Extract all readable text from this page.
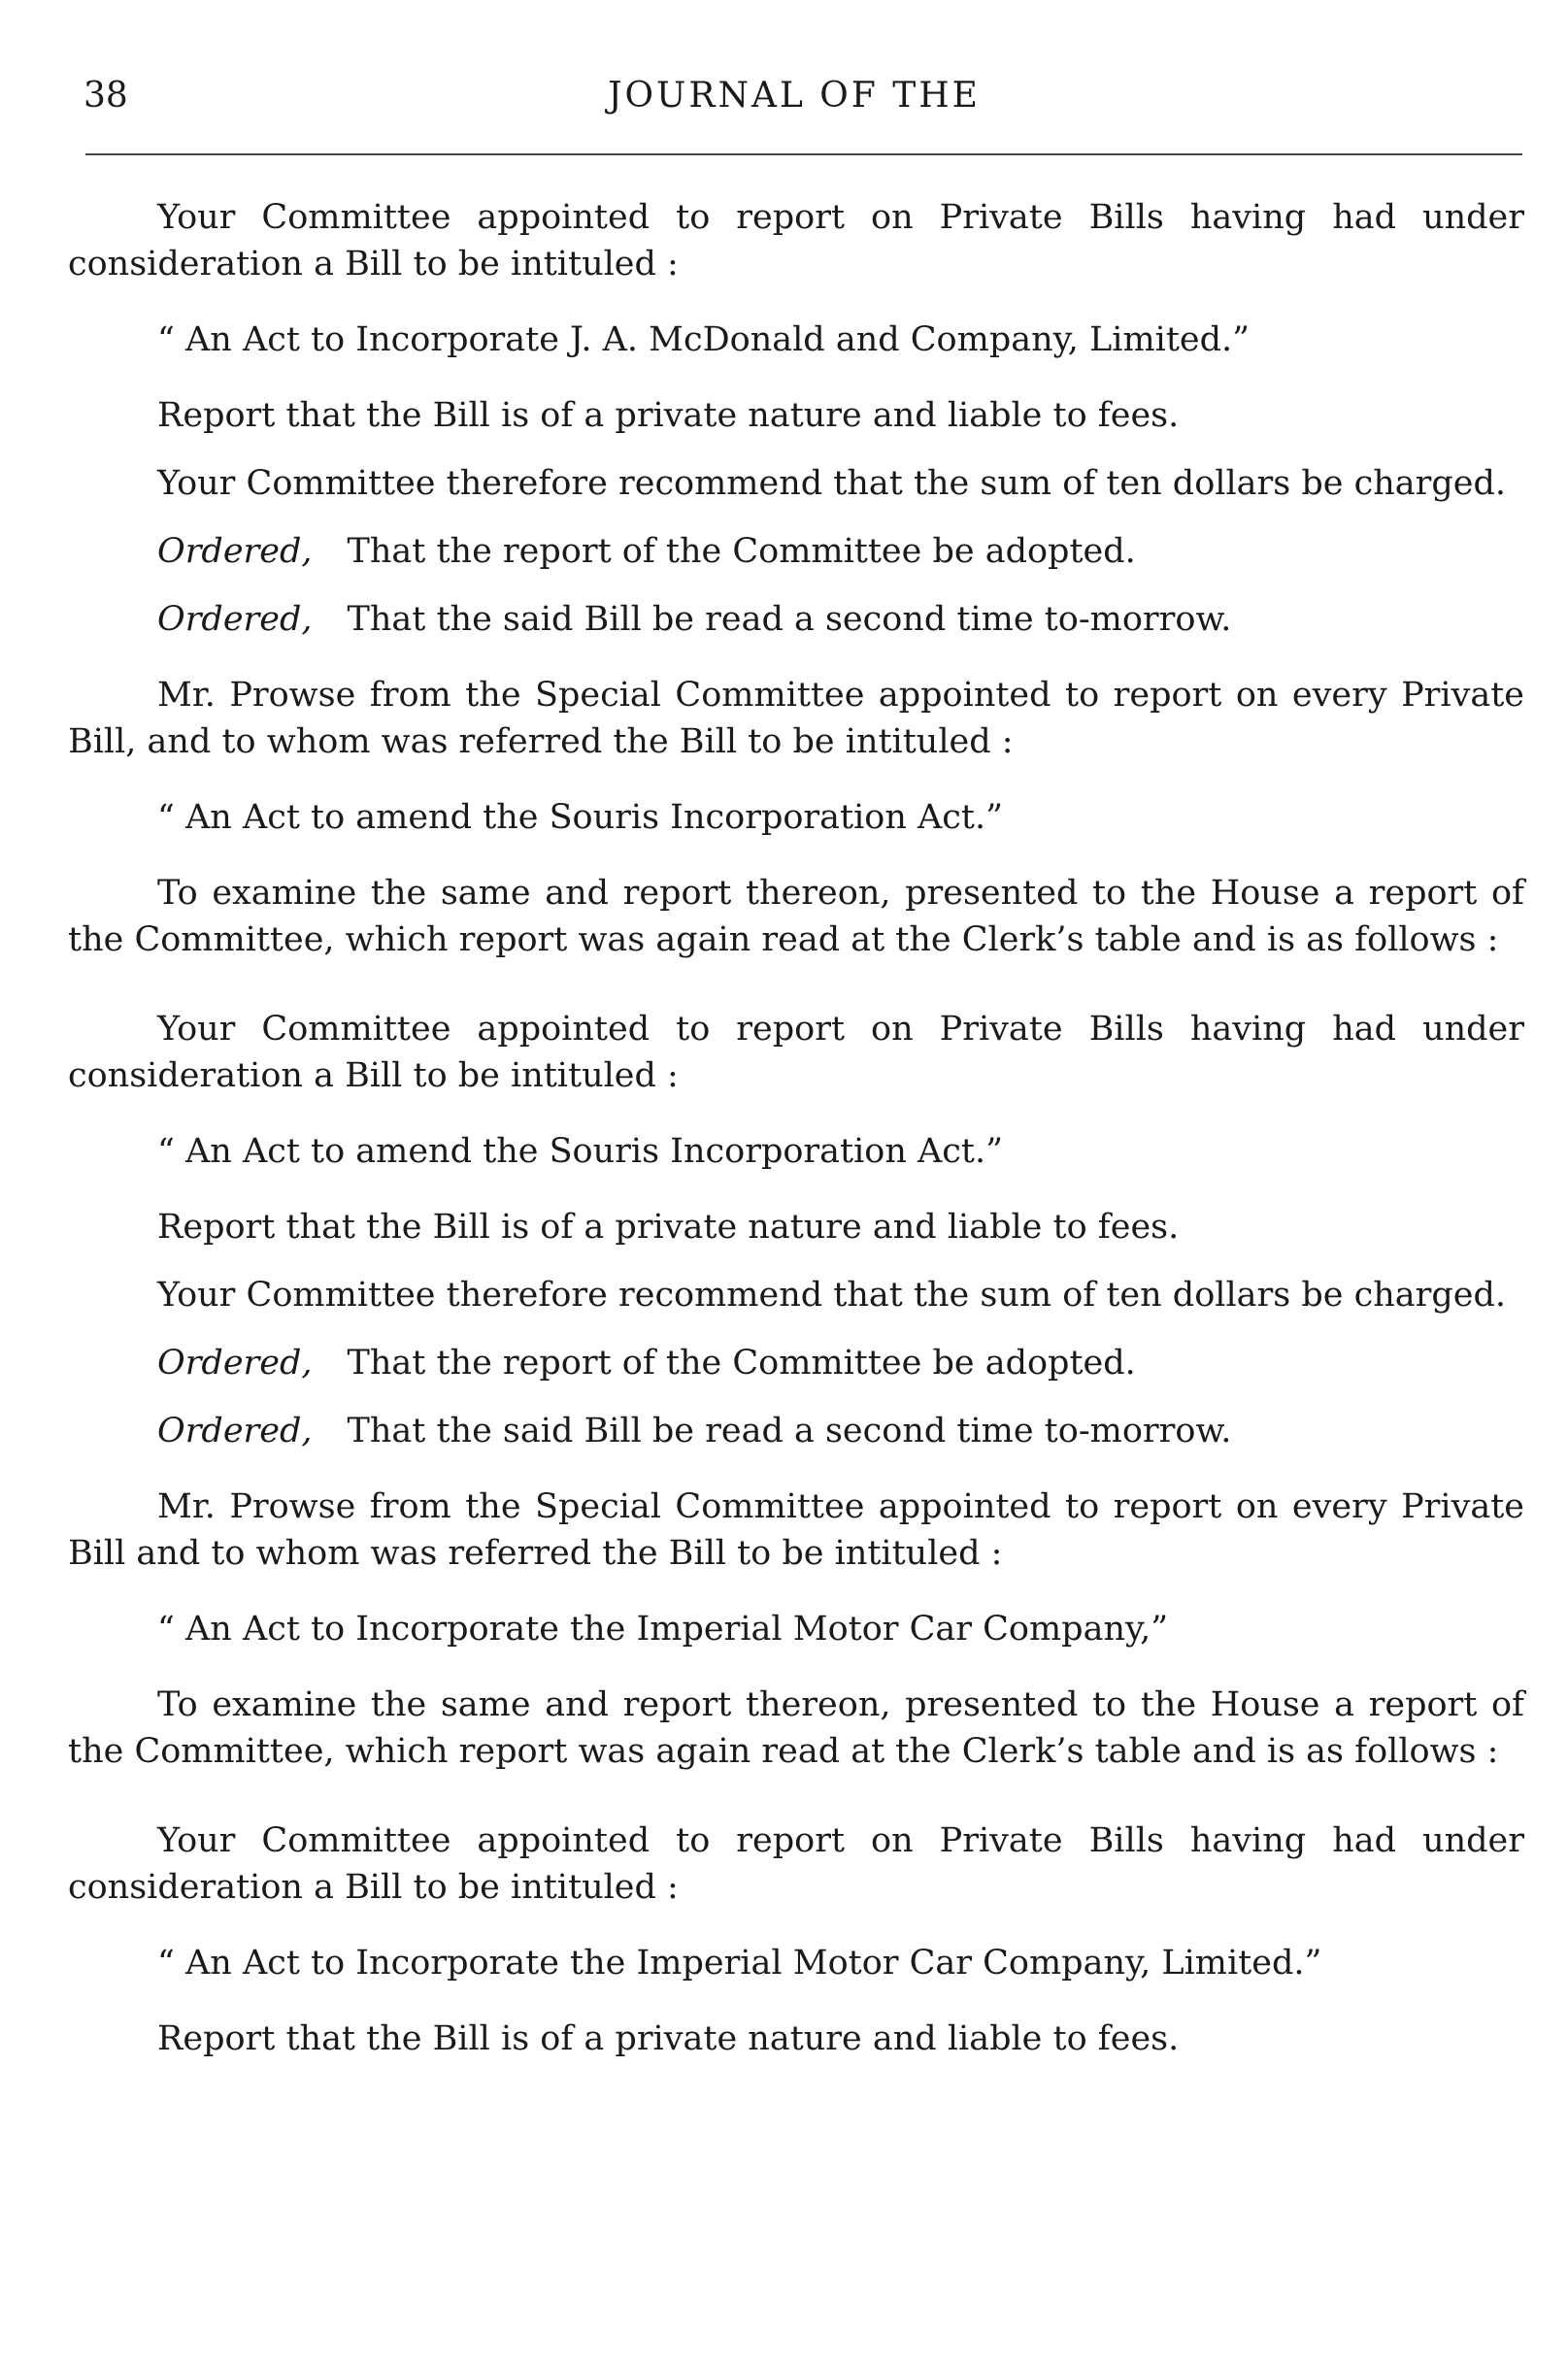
38	JOURNAL OF THE

Your Committee appointed to report on Private Bills having had under consideration a Bill to be intituled :

“ An Act to Incorporate J. A. McDonald and Company, Limited.”

Report that the Bill is of a private nature and liable to fees.

Your Committee therefore recommend that the sum of ten dollars be charged.

Ordered, That the report of the Committee be adopted.

Ordered, That the said Bill be read a second time to-morrow.

Mr. Prowse from the Special Committee appointed to report on every Private Bill, and to whom was referred the Bill to be intituled :

“ An Act to amend the Souris Incorporation Act.”

To examine the same and report thereon, presented to the House a report of the Committee, which report was again read at the Clerk’s table and is as follows :

Your Committee appointed to report on Private Bills having had under consideration a Bill to be intituled :

“ An Act to amend the Souris Incorporation Act.”

Report that the Bill is of a private nature and liable to fees.

Your Committee therefore recommend that the sum of ten dollars be charged.

Ordered, That the report of the Committee be adopted.

Ordered, That the said Bill be read a second time to-morrow.

Mr. Prowse from the Special Committee appointed to report on every Private Bill and to whom was referred the Bill to be intituled :

“ An Act to Incorporate the Imperial Motor Car Company,”

To examine the same and report thereon, presented to the House a report of the Committee, which report was again read at the Clerk’s table and is as follows :

Your Committee appointed to report on Private Bills having had under consideration a Bill to be intituled :

“ An Act to Incorporate the Imperial Motor Car Company, Limited.”

Report that the Bill is of a private nature and liable to fees.
